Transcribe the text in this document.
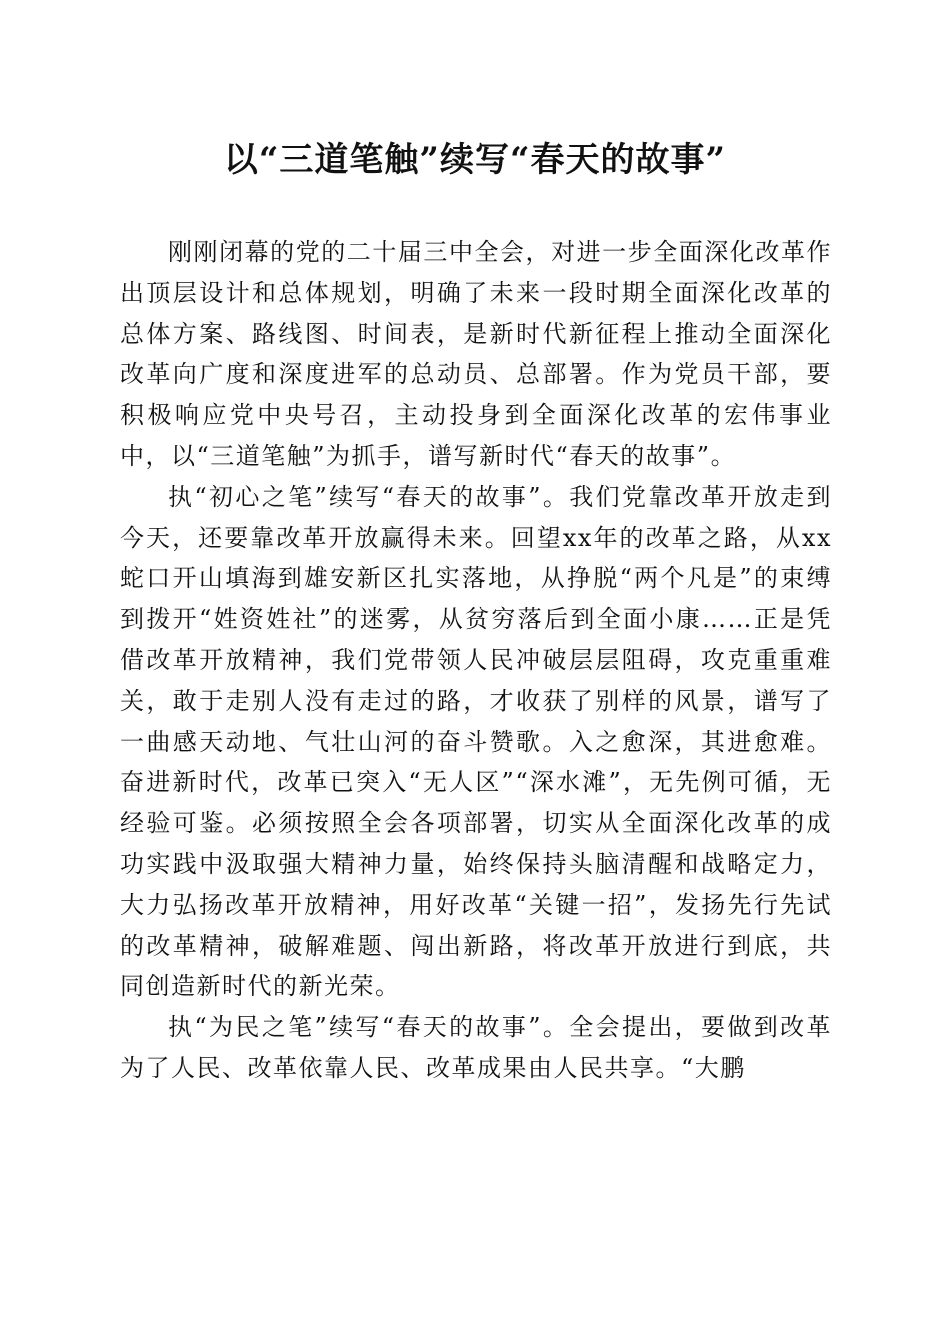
以“三道笔触”续写“春天的故事”

刚刚闭幕的党的二十届三中全会，对进一步全面深化改革作出顶层设计和总体规划，明确了未来一段时期全面深化改革的总体方案、路线图、时间表，是新时代新征程上推动全面深化改革向广度和深度进军的总动员、总部署。作为党员干部，要积极响应党中央号召，主动投身到全面深化改革的宏伟事业中，以“三道笔触”为抓手，谱写新时代“春天的故事”。

执“初心之笔”续写“春天的故事”。我们党靠改革开放走到今天，还要靠改革开放赢得未来。回望xx年的改革之路，从xx蛇口开山填海到雄安新区扎实落地，从挣脱“两个凡是”的束缚到拨开“姓资姓社”的迷雾，从贫穷落后到全面小康……正是凭借改革开放精神，我们党带领人民冲破层层阻碍，攻克重重难关，敢于走别人没有走过的路，才收获了别样的风景，谱写了一曲感天动地、气壮山河的奋斗赞歌。入之愈深，其进愈难。奋进新时代，改革已突入“无人区”“深水滩”，无先例可循，无经验可鉴。必须按照全会各项部署，切实从全面深化改革的成功实践中汲取强大精神力量，始终保持头脑清醒和战略定力，大力弘扬改革开放精神，用好改革“关键一招”，发扬先行先试的改革精神，破解难题、闯出新路，将改革开放进行到底，共同创造新时代的新光荣。

执“为民之笔”续写“春天的故事”。全会提出，要做到改革为了人民、改革依靠人民、改革成果由人民共享。“大鹏
